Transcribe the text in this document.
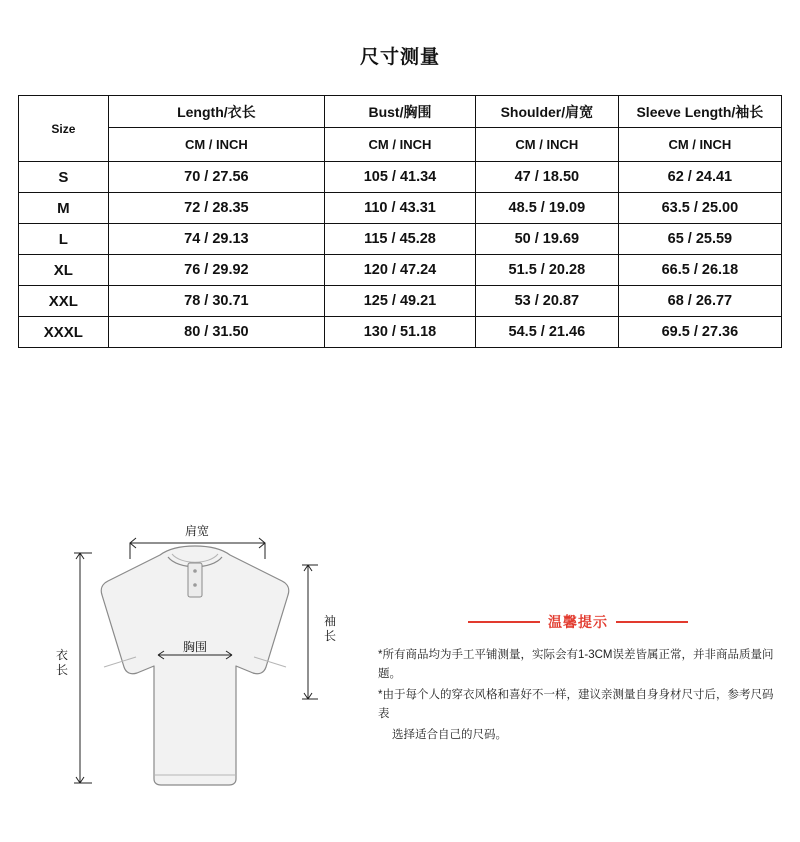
尺寸测量
Size	Length/衣长	Bust/胸围	Shoulder/肩宽	Sleeve Length/袖长
	CM / INCH	CM / INCH	CM / INCH	CM / INCH
S	70 / 27.56	105 / 41.34	47 / 18.50	62 / 24.41
M	72 / 28.35	110 / 43.31	48.5 / 19.09	63.5 / 25.00
L	74 / 29.13	115 / 45.28	50 / 19.69	65 / 25.59
XL	76 / 29.92	120 / 47.24	51.5 / 20.28	66.5 / 26.18
XXL	78 / 30.71	125 / 49.21	53 / 20.87	68 / 26.77
XXXL	80 / 31.50	130 / 51.18	54.5 / 21.46	69.5 / 27.36
肩宽
胸围
衣长
袖长
温馨提示

*所有商品均为手工平铺测量，实际会有1-3CM误差皆属正常，并非商品质量问题。

*由于每个人的穿衣风格和喜好不一样，建议亲测量自身身材尺寸后，参考尺码表

选择适合自己的尺码。
